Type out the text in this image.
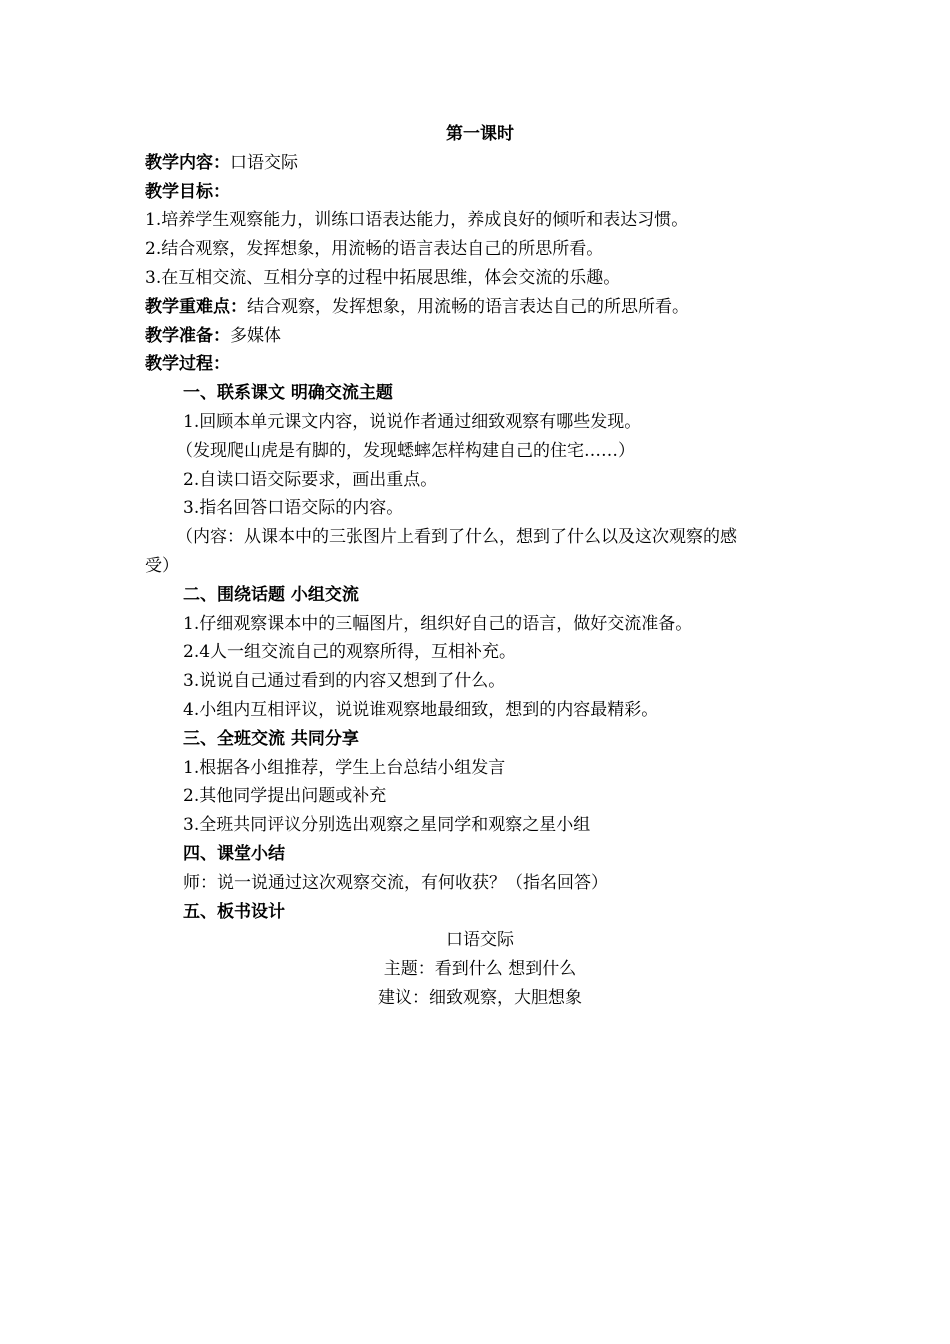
第一课时
教学内容：口语交际
教学目标：
1.培养学生观察能力，训练口语表达能力，养成良好的倾听和表达习惯。
2.结合观察，发挥想象，用流畅的语言表达自己的所思所看。
3.在互相交流、互相分享的过程中拓展思维，体会交流的乐趣。
教学重难点：结合观察，发挥想象，用流畅的语言表达自己的所思所看。
教学准备：多媒体
教学过程：
一、联系课文 明确交流主题
1.回顾本单元课文内容，说说作者通过细致观察有哪些发现。
（发现爬山虎是有脚的，发现蟋蟀怎样构建自己的住宅……）
2.自读口语交际要求，画出重点。
3.指名回答口语交际的内容。
（内容：从课本中的三张图片上看到了什么，想到了什么以及这次观察的感
受）
二、围绕话题 小组交流
1.仔细观察课本中的三幅图片，组织好自己的语言，做好交流准备。
2.4人一组交流自己的观察所得，互相补充。
3.说说自己通过看到的内容又想到了什么。
4.小组内互相评议，说说谁观察地最细致，想到的内容最精彩。
三、全班交流 共同分享
1.根据各小组推荐，学生上台总结小组发言
2.其他同学提出问题或补充
3.全班共同评议分别选出观察之星同学和观察之星小组
四、课堂小结
师：说一说通过这次观察交流，有何收获？（指名回答）
五、板书设计
口语交际
主题：看到什么 想到什么
建议：细致观察，大胆想象
